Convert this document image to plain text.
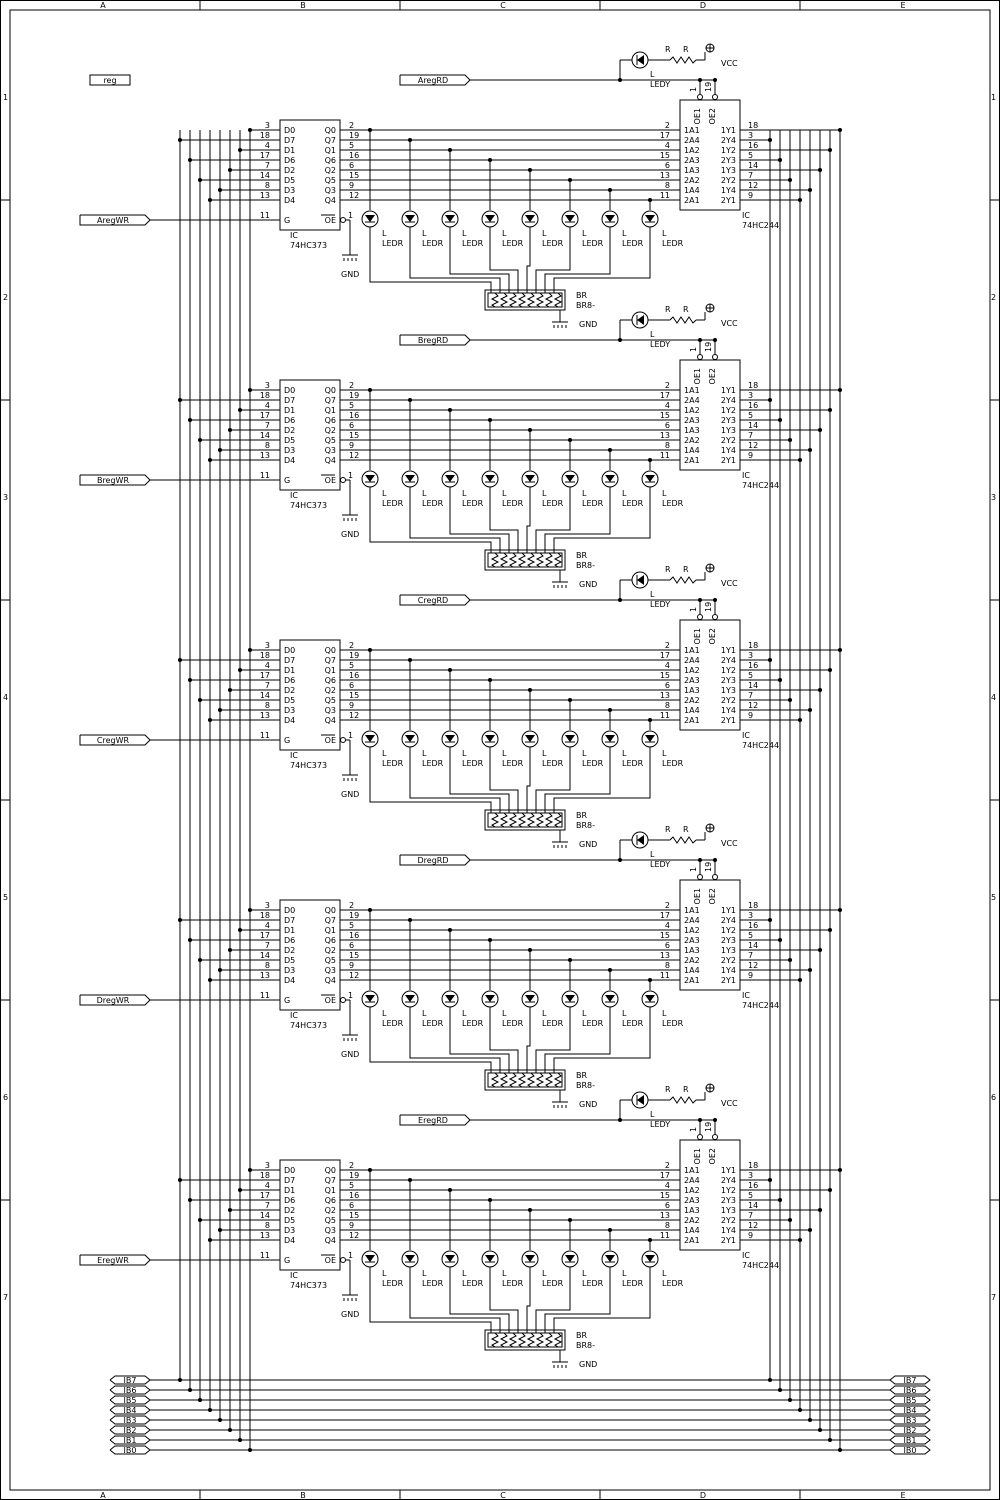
A
A
B
B
C
C
D
D
E
E
1	1
2	2
3	3
4	4
5	5
6	6
7	7
reg
IB7	IB7
IB6	IB6
IB5	IB5
IB4	IB4
IB3	IB3
IB2	IB2
IB1	IB1
IB0	IB0
3
D0	Q0
2
18
D7	Q7
19
4
D1	Q1
5
17
D6	Q6
16
7
D2	Q2
6
14
D5	Q5
15
8
D3	Q3
9
13
D4	Q4
12
11
G	OE
1
GND
IC
74HC373
AregWR
L
LEDR
L
LEDR
L
LEDR
L
LEDR
L
LEDR
L
LEDR
L
LEDR
L
LEDR
BR
BR8-
GND
2
1A1	1Y1
18
17
2A4	2Y4
3
4
1A2	1Y2
16
15
2A3	2Y3
5
6
1A3	1Y3
14
13
2A2	2Y2
7
8
1A4	1Y4
12
11
2A1	2Y1
9
OE1 OE2
1 19
IC
74HC244
AregRD
R R
VCC
L
LEDY
3
D0	Q0
2
18
D7	Q7
19
4
D1	Q1
5
17
D6	Q6
16
7
D2	Q2
6
14
D5	Q5
15
8
D3	Q3
9
13
D4	Q4
12
11
G	OE
1
GND
IC
74HC373
BregWR
L
LEDR
L
LEDR
L
LEDR
L
LEDR
L
LEDR
L
LEDR
L
LEDR
L
LEDR
BR
BR8-
GND
2
1A1	1Y1
18
17
2A4	2Y4
3
4
1A2	1Y2
16
15
2A3	2Y3
5
6
1A3	1Y3
14
13
2A2	2Y2
7
8
1A4	1Y4
12
11
2A1	2Y1
9
OE1 OE2
1 19
IC
74HC244
BregRD
R R
VCC
L
LEDY
3
D0	Q0
2
18
D7	Q7
19
4
D1	Q1
5
17
D6	Q6
16
7
D2	Q2
6
14
D5	Q5
15
8
D3	Q3
9
13
D4	Q4
12
11
G	OE
1
GND
IC
74HC373
CregWR
L
LEDR
L
LEDR
L
LEDR
L
LEDR
L
LEDR
L
LEDR
L
LEDR
L
LEDR
BR
BR8-
GND
2
1A1	1Y1
18
17
2A4	2Y4
3
4
1A2	1Y2
16
15
2A3	2Y3
5
6
1A3	1Y3
14
13
2A2	2Y2
7
8
1A4	1Y4
12
11
2A1	2Y1
9
OE1 OE2
1 19
IC
74HC244
CregRD
R R
VCC
L
LEDY
3
D0	Q0
2
18
D7	Q7
19
4
D1	Q1
5
17
D6	Q6
16
7
D2	Q2
6
14
D5	Q5
15
8
D3	Q3
9
13
D4	Q4
12
11
G	OE
1
GND
IC
74HC373
DregWR
L
LEDR
L
LEDR
L
LEDR
L
LEDR
L
LEDR
L
LEDR
L
LEDR
L
LEDR
BR
BR8-
GND
2
1A1	1Y1
18
17
2A4	2Y4
3
4
1A2	1Y2
16
15
2A3	2Y3
5
6
1A3	1Y3
14
13
2A2	2Y2
7
8
1A4	1Y4
12
11
2A1	2Y1
9
OE1 OE2
1 19
IC
74HC244
DregRD
R R
VCC
L
LEDY
3
D0	Q0
2
18
D7	Q7
19
4
D1	Q1
5
17
D6	Q6
16
7
D2	Q2
6
14
D5	Q5
15
8
D3	Q3
9
13
D4	Q4
12
11
G	OE
1
GND
IC
74HC373
EregWR
L
LEDR
L
LEDR
L
LEDR
L
LEDR
L
LEDR
L
LEDR
L
LEDR
L
LEDR
BR
BR8-
GND
2
1A1	1Y1
18
17
2A4	2Y4
3
4
1A2	1Y2
16
15
2A3	2Y3
5
6
1A3	1Y3
14
13
2A2	2Y2
7
8
1A4	1Y4
12
11
2A1	2Y1
9
OE1 OE2
1 19
IC
74HC244
EregRD
R R
VCC
L
LEDY
